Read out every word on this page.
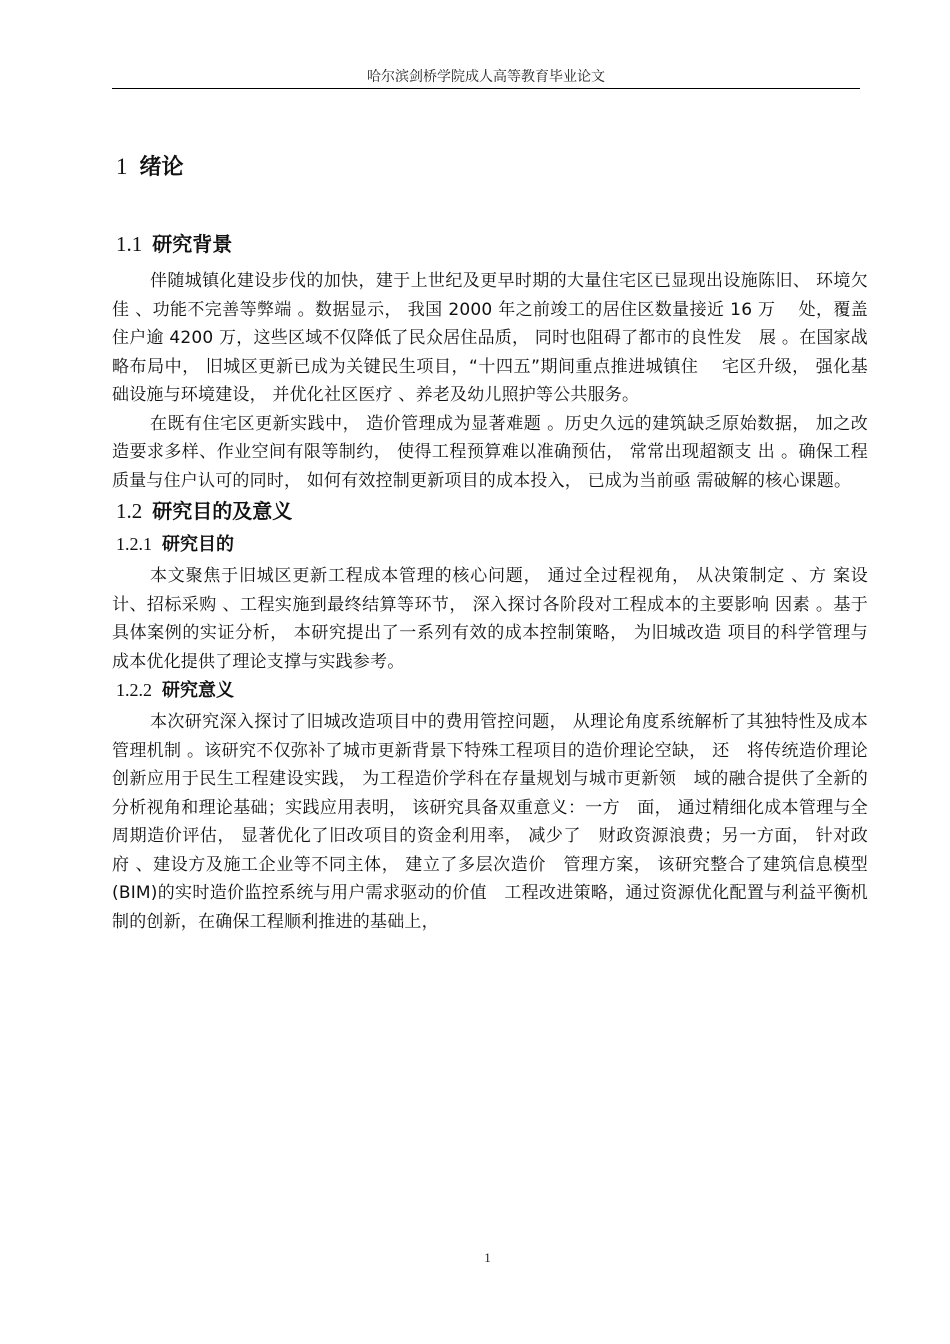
哈尔滨剑桥学院成人高等教育毕业论文
1 绪论
1.1 研究背景

伴随城镇化建设步伐的加快，建于上世纪及更早时期的大量住宅区已显现出设施陈旧、 环境欠佳 、功能不完善等弊端 。数据显示， 我国 2000 年之前竣工的居住区数量接近 16 万　 处，覆盖住户逾 4200 万，这些区域不仅降低了民众居住品质， 同时也阻碍了都市的良性发　展 。在国家战略布局中， 旧城区更新已成为关键民生项目，“十四五”期间重点推进城镇住　 宅区升级， 强化基础设施与环境建设， 并优化社区医疗 、养老及幼儿照护等公共服务。

在既有住宅区更新实践中， 造价管理成为显著难题 。历史久远的建筑缺乏原始数据， 加之改造要求多样、作业空间有限等制约， 使得工程预算难以准确预估， 常常出现超额支 出 。确保工程质量与住户认可的同时， 如何有效控制更新项目的成本投入， 已成为当前亟 需破解的核心课题。

1.2 研究目的及意义
1.2.1 研究目的

本文聚焦于旧城区更新工程成本管理的核心问题， 通过全过程视角， 从决策制定 、方 案设计、招标采购 、工程实施到最终结算等环节， 深入探讨各阶段对工程成本的主要影响 因素 。基于具体案例的实证分析， 本研究提出了一系列有效的成本控制策略， 为旧城改造 项目的科学管理与成本优化提供了理论支撑与实践参考。

1.2.2 研究意义

本次研究深入探讨了旧城改造项目中的费用管控问题， 从理论角度系统解析了其独特性及成本管理机制 。该研究不仅弥补了城市更新背景下特殊工程项目的造价理论空缺， 还　将传统造价理论创新应用于民生工程建设实践， 为工程造价学科在存量规划与城市更新领　域的融合提供了全新的分析视角和理论基础；实践应用表明， 该研究具备双重意义：一方　面， 通过精细化成本管理与全周期造价评估， 显著优化了旧改项目的资金利用率， 减少了　财政资源浪费；另一方面， 针对政府 、建设方及施工企业等不同主体， 建立了多层次造价　管理方案， 该研究整合了建筑信息模型(BIM)的实时造价监控系统与用户需求驱动的价值　工程改进策略，通过资源优化配置与利益平衡机制的创新，在确保工程顺利推进的基础上，

1
